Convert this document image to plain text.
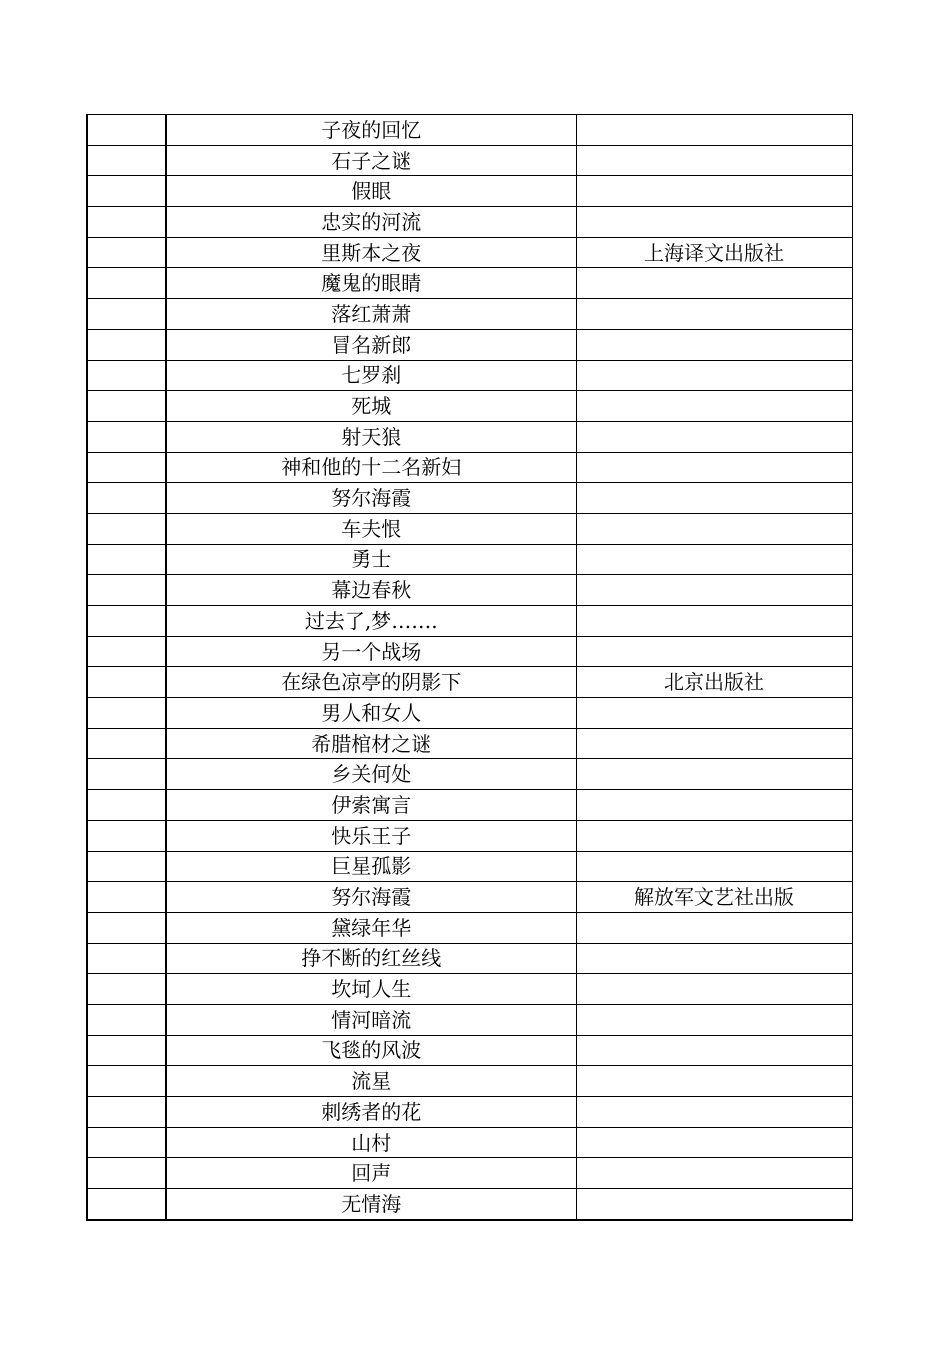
	子夜的回忆	
	石子之谜	
	假眼	
	忠实的河流	
	里斯本之夜	上海译文出版社
	魔鬼的眼睛	
	落红萧萧	
	冒名新郎	
	七罗刹	
	死城	
	射天狼	
	神和他的十二名新妇	
	努尔海霞	
	车夫恨	
	勇士	
	幕边春秋	
	过去了,梦…….	
	另一个战场	
	在绿色凉亭的阴影下	北京出版社
	男人和女人	
	希腊棺材之谜	
	乡关何处	
	伊索寓言	
	快乐王子	
	巨星孤影	
	努尔海霞	解放军文艺社出版
	黛绿年华	
	挣不断的红丝线	
	坎坷人生	
	情河暗流	
	飞毯的风波	
	流星	
	刺绣者的花	
	山村	
	回声	
	无情海	
